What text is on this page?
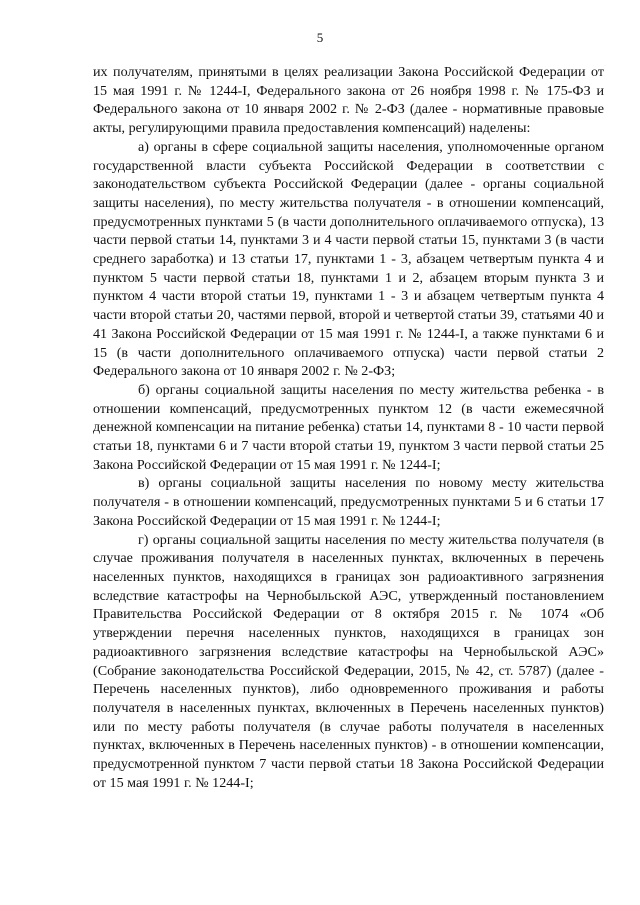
5

их получателям, принятыми в целях реализации Закона Российской Федерации от 15 мая 1991 г. № 1244-I, Федерального закона от 26 ноября 1998 г. № 175-ФЗ и Федерального закона от 10 января 2002 г. № 2-ФЗ (далее - нормативные правовые акты, регулирующими правила предоставления компенсаций) наделены:

а) органы в сфере социальной защиты населения, уполномоченные органом государственной власти субъекта Российской Федерации в соответствии с законодательством субъекта Российской Федерации (далее - органы социальной защиты населения), по месту жительства получателя - в отношении компенсаций, предусмотренных пунктами 5 (в части дополнительного оплачиваемого отпуска), 13 части первой статьи 14, пунктами 3 и 4 части первой статьи 15, пунктами 3 (в части среднего заработка) и 13 статьи 17, пунктами 1 - 3, абзацем четвертым пункта 4 и пунктом 5 части первой статьи 18, пунктами 1 и 2, абзацем вторым пункта 3 и пунктом 4 части второй статьи 19, пунктами 1 - 3 и абзацем четвертым пункта 4 части второй статьи 20, частями первой, второй и четвертой статьи 39, статьями 40 и 41 Закона Российской Федерации от 15 мая 1991 г. № 1244-I, а также пунктами 6 и 15 (в части дополнительного оплачиваемого отпуска) части первой статьи 2 Федерального закона от 10 января 2002 г. № 2-ФЗ;

б) органы социальной защиты населения по месту жительства ребенка - в отношении компенсаций, предусмотренных пунктом 12 (в части ежемесячной денежной компенсации на питание ребенка) статьи 14, пунктами 8 - 10 части первой статьи 18, пунктами 6 и 7 части второй статьи 19, пунктом 3 части первой статьи 25 Закона Российской Федерации от 15 мая 1991 г. № 1244-I;

в) органы социальной защиты населения по новому месту жительства получателя - в отношении компенсаций, предусмотренных пунктами 5 и 6 статьи 17 Закона Российской Федерации от 15 мая 1991 г. № 1244-I;

г) органы социальной защиты населения по месту жительства получателя (в случае проживания получателя в населенных пунктах, включенных в перечень населенных пунктов, находящихся в границах зон радиоактивного загрязнения вследствие катастрофы на Чернобыльской АЭС, утвержденный постановлением Правительства Российской Федерации от 8 октября 2015 г. № 1074 «Об утверждении перечня населенных пунктов, находящихся в границах зон радиоактивного загрязнения вследствие катастрофы на Чернобыльской АЭС» (Собрание законодательства Российской Федерации, 2015, № 42, ст. 5787) (далее - Перечень населенных пунктов), либо одновременного проживания и работы получателя в населенных пунктах, включенных в Перечень населенных пунктов) или по месту работы получателя (в случае работы получателя в населенных пунктах, включенных в Перечень населенных пунктов) - в отношении компенсации, предусмотренной пунктом 7 части первой статьи 18 Закона Российской Федерации от 15 мая 1991 г. № 1244-I;
